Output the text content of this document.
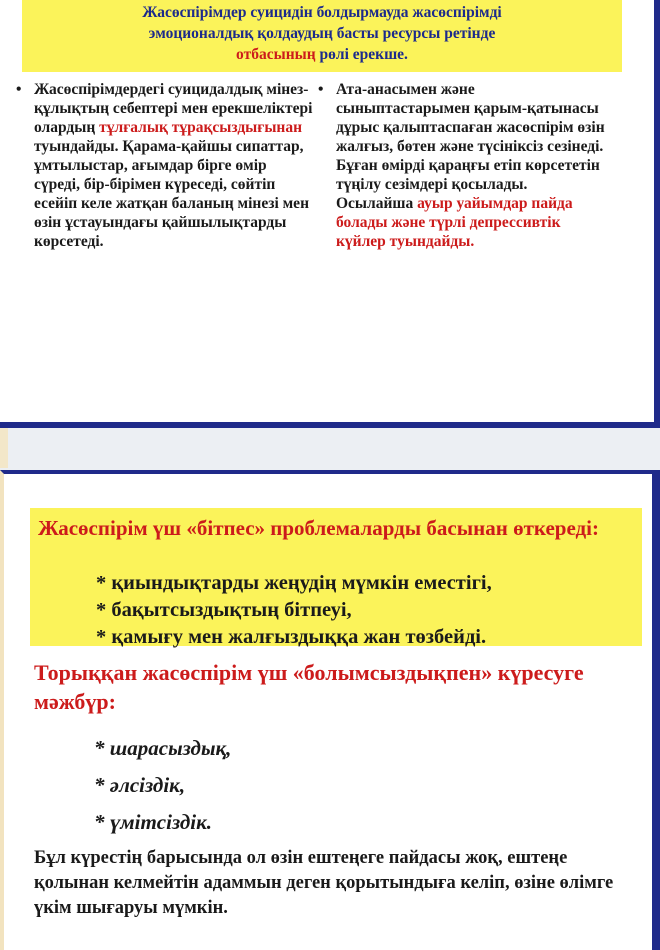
Жасөспірімдер суицидін болдырмауда жасөспірімді
эмоционалдық қолдаудың басты ресурсы ретінде
отбасының рөлі ерекше.
• Жасөспірімдердегі суицидалдық мінез-құлықтың себептері мен ерекшеліктері олардың тұлғалық тұрақсыздығынан туындайды. Қарама-қайшы сипаттар, ұмтылыстар, ағымдар бірге өмір сүреді, бір-бірімен күреседі, сөйтіп есейіп келе жатқан баланың мінезі мен өзін ұстауындағы қайшылықтарды көрсетеді.

• Ата-анасымен және сыныптастарымен қарым-қатынасы дұрыс қалыптаспаған жасөспірім өзін жалғыз, бөтен және түсініксіз сезінеді. Бұған өмірді қараңғы етіп көрсететін түңілу сезімдері қосылады. Осылайша ауыр уайымдар пайда болады және түрлі депрессивтік күйлер туындайды.

Жасөспірім үш «бітпес» проблемаларды басынан өткереді:
* қиындықтарды жеңудің мүмкін еместігі,
* бақытсыздықтың бітпеуі,
* қамығу мен жалғыздыққа жан төзбейді.
Торыққан жасөспірім үш «болымсыздықпен» күресуге мәжбүр:
* шарасыздық,
* әлсіздік,
* үмітсіздік.
Бұл күрестің барысында ол өзін ештеңеге пайдасы жоқ, ештеңе қолынан келмейтін адаммын деген қорытындыға келіп, өзіне өлімге үкім шығаруы мүмкін.
